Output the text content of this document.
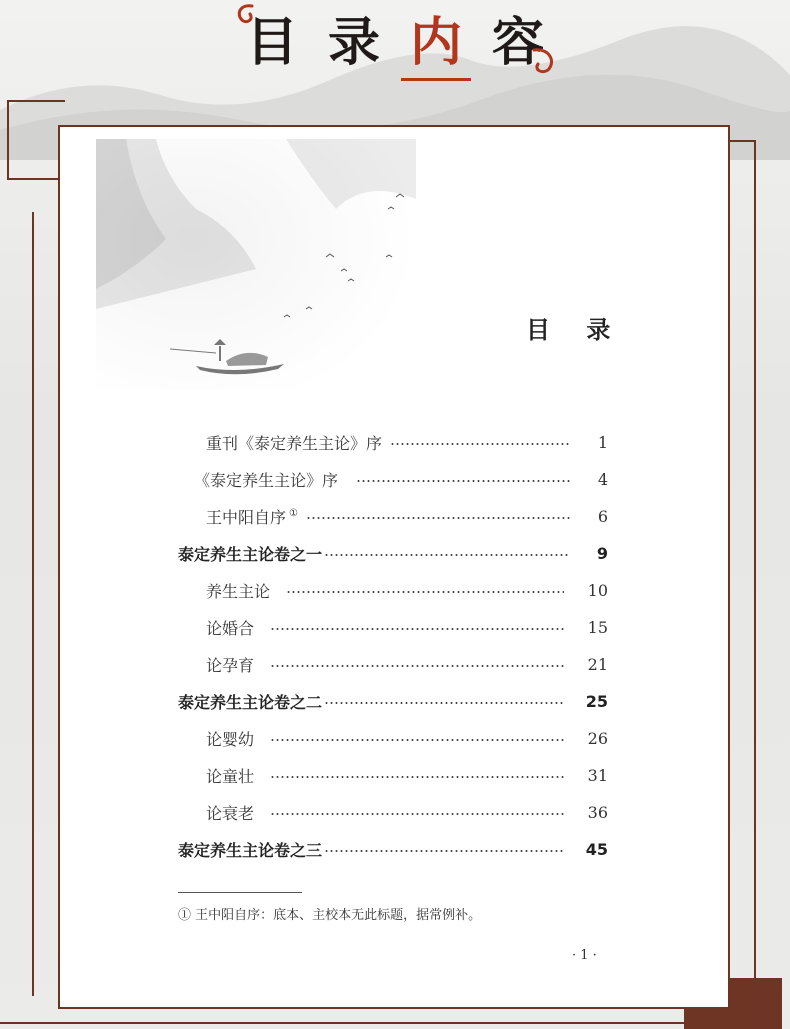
目 录 内 容
目 录
重刊《泰定养生主论》序	1
《泰定养生主论》序	4
王中阳自序 ①	6
泰定养生主论卷之一	9
养生主论	10
论婚合	15
论孕育	21
泰定养生主论卷之二	25
论婴幼	26
论童壮	31
论衰老	36
泰定养生主论卷之三	45
① 王中阳自序：底本、主校本无此标题，据常例补。
· 1 ·
